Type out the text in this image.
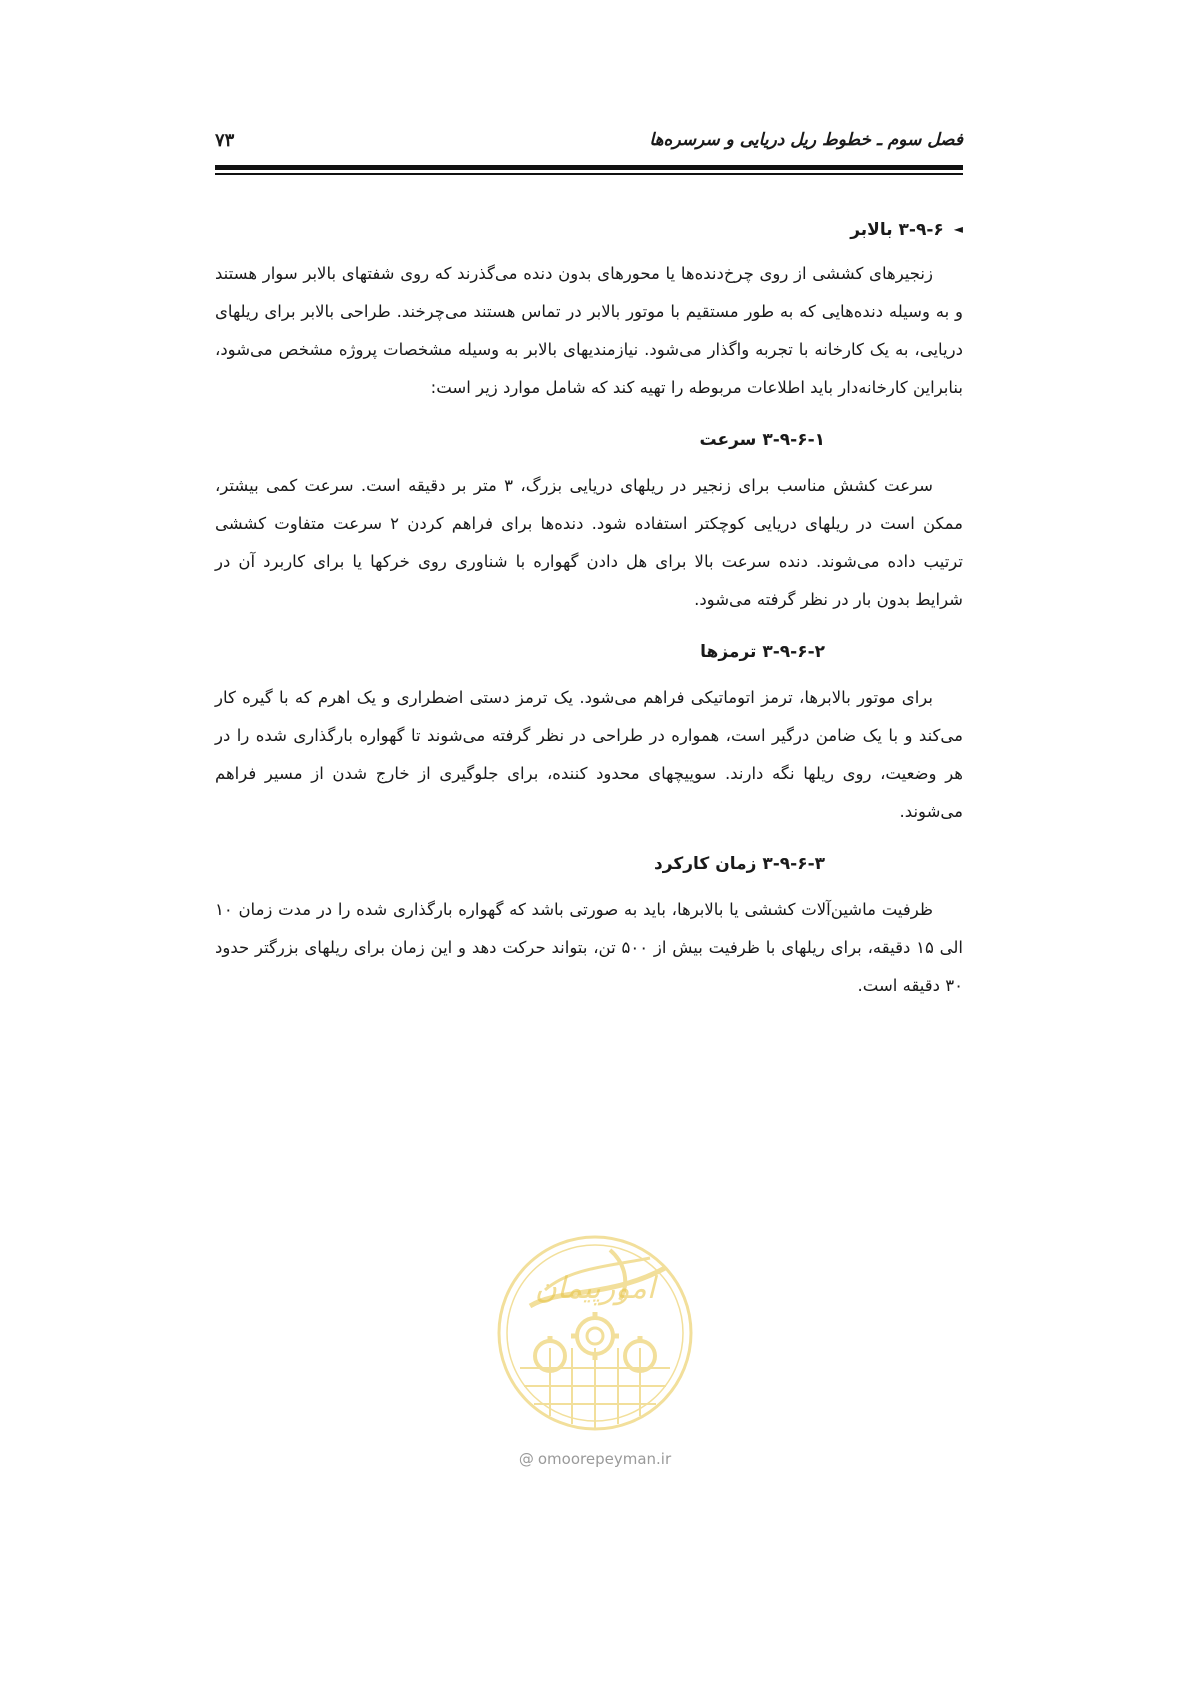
فصل سوم ـ خطوط ریل دریایی و سرسره‌ها
۷۳
◄۳-۹-۶ بالابر

زنجیرهای کششی از روی چرخ‌دنده‌ها یا محورهای بدون دنده می‌گذرند که روی شفتهای بالابر سوار هستند و به وسیله دنده‌هایی که به طور مستقیم با موتور بالابر در تماس هستند می‌چرخند. طراحی بالابر برای ریلهای دریایی، به یک کارخانه با تجربه واگذار می‌شود. نیازمندیهای بالابر به وسیله مشخصات پروژه مشخص می‌شود، بنابراین کارخانه‌دار باید اطلاعات مربوطه را تهیه کند که شامل موارد زیر است:

۳-۹-۶-۱ سرعت

سرعت کشش مناسب برای زنجیر در ریلهای دریایی بزرگ، ۳ متر بر دقیقه است. سرعت کمی بیشتر، ممکن است در ریلهای دریایی کوچکتر استفاده شود. دنده‌ها برای فراهم کردن ۲ سرعت متفاوت کششی ترتیب داده می‌شوند. دنده سرعت بالا برای هل دادن گهواره با شناوری روی خرکها یا برای کاربرد آن در شرایط بدون بار در نظر گرفته می‌شود.

۳-۹-۶-۲ ترمزها

برای موتور بالابرها، ترمز اتوماتیکی فراهم می‌شود. یک ترمز دستی اضطراری و یک اهرم که با گیره کار می‌کند و با یک ضامن درگیر است، همواره در طراحی در نظر گرفته می‌شوند تا گهواره بارگذاری شده را در هر وضعیت، روی ریلها نگه دارند. سوییچهای محدود کننده، برای جلوگیری از خارج شدن از مسیر فراهم می‌شوند.

۳-۹-۶-۳ زمان کارکرد

ظرفیت ماشین‌آلات کششی یا بالابرها، باید به صورتی باشد که گهواره بارگذاری شده را در مدت زمان ۱۰ الی ۱۵ دقیقه، برای ریلهای با ظرفیت بیش از ۵۰۰ تن، بتواند حرکت دهد و این زمان برای ریلهای بزرگتر حدود ۳۰ دقیقه است.

امورپیمان
@ omoorepeyman.ir
